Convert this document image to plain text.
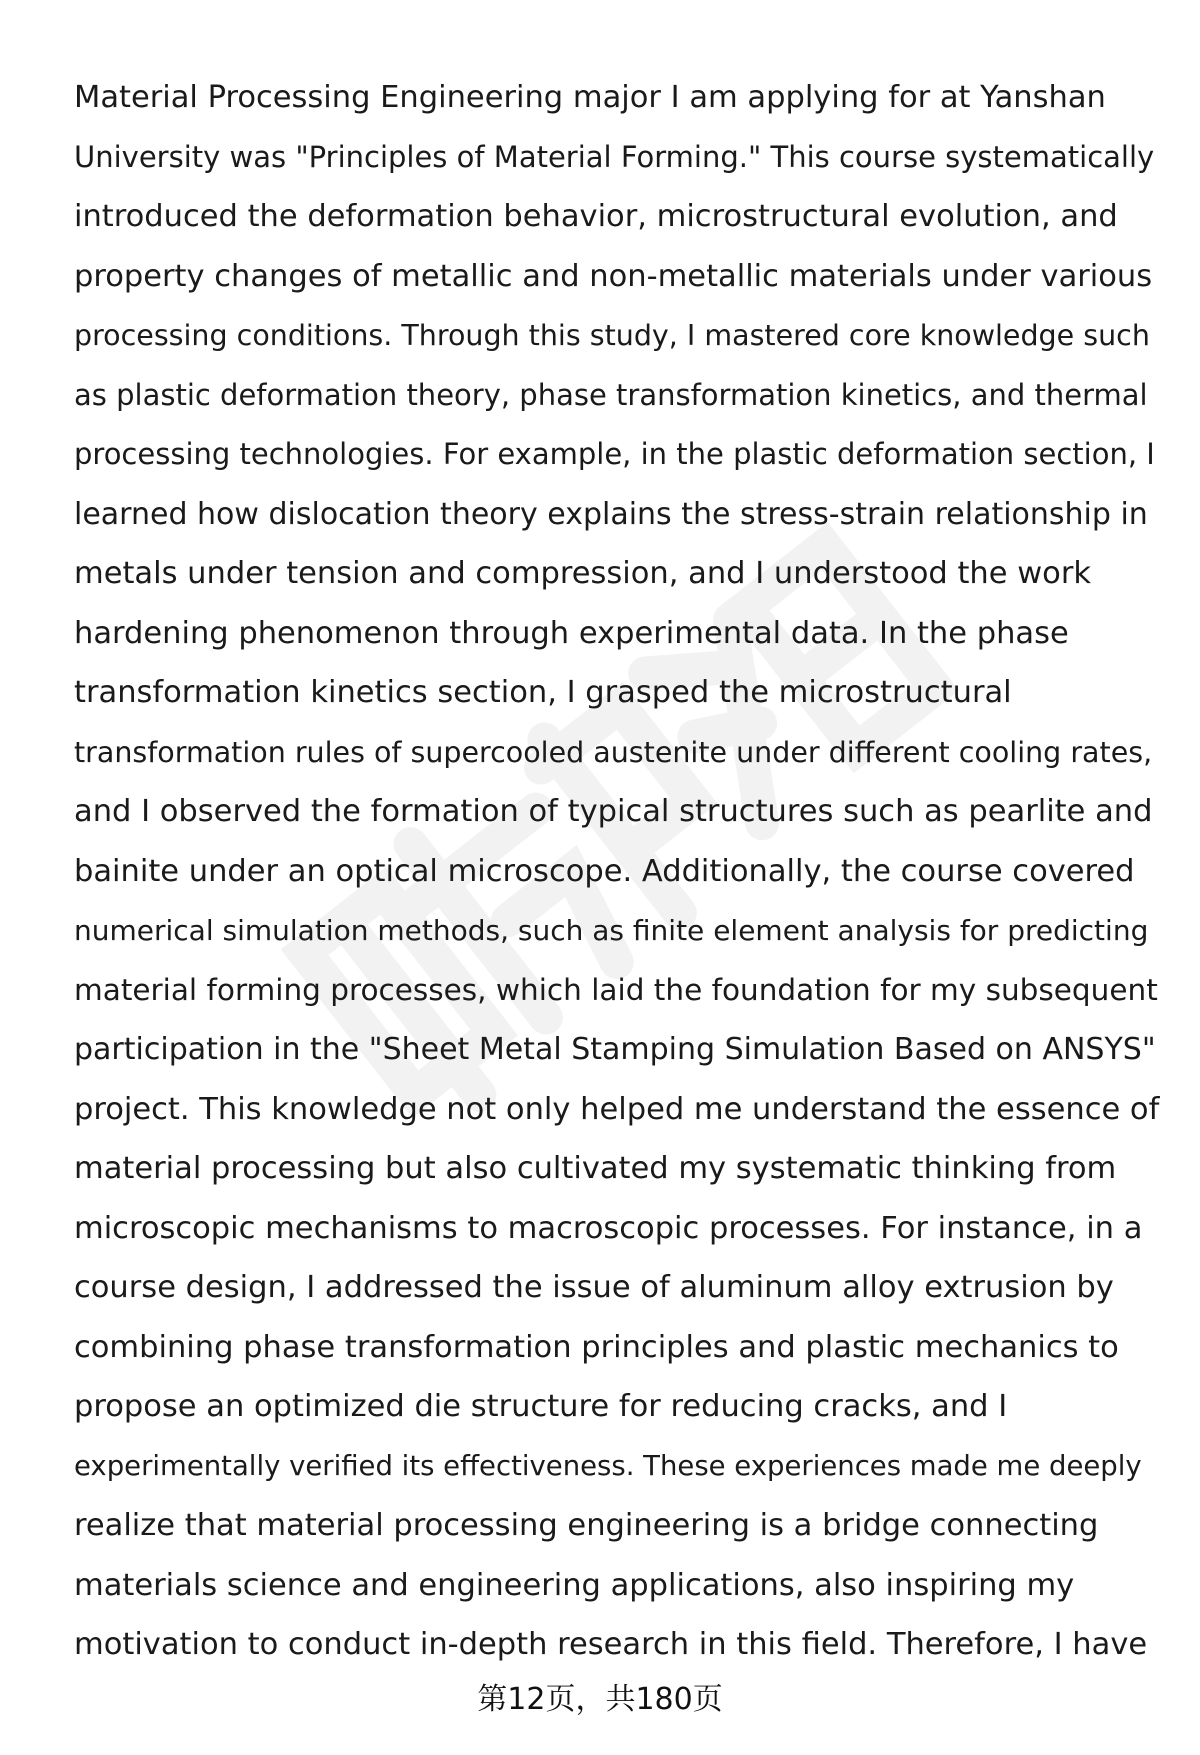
Material Processing Engineering major I am applying for at Yanshan
University was "Principles of Material Forming." This course systematically
introduced the deformation behavior, microstructural evolution, and
property changes of metallic and non-metallic materials under various
processing conditions. Through this study, I mastered core knowledge such
as plastic deformation theory, phase transformation kinetics, and thermal
processing technologies. For example, in the plastic deformation section, I
learned how dislocation theory explains the stress-strain relationship in
metals under tension and compression, and I understood the work
hardening phenomenon through experimental data. In the phase
transformation kinetics section, I grasped the microstructural
transformation rules of supercooled austenite under different cooling rates,
and I observed the formation of typical structures such as pearlite and
bainite under an optical microscope. Additionally, the course covered
numerical simulation methods, such as finite element analysis for predicting
material forming processes, which laid the foundation for my subsequent
participation in the "Sheet Metal Stamping Simulation Based on ANSYS"
project. This knowledge not only helped me understand the essence of
material processing but also cultivated my systematic thinking from
microscopic mechanisms to macroscopic processes. For instance, in a
course design, I addressed the issue of aluminum alloy extrusion by
combining phase transformation principles and plastic mechanics to
propose an optimized die structure for reducing cracks, and I
experimentally verified its effectiveness. These experiences made me deeply
realize that material processing engineering is a bridge connecting
materials science and engineering applications, also inspiring my
motivation to conduct in-depth research in this field. Therefore, I have
第12页，共180页
